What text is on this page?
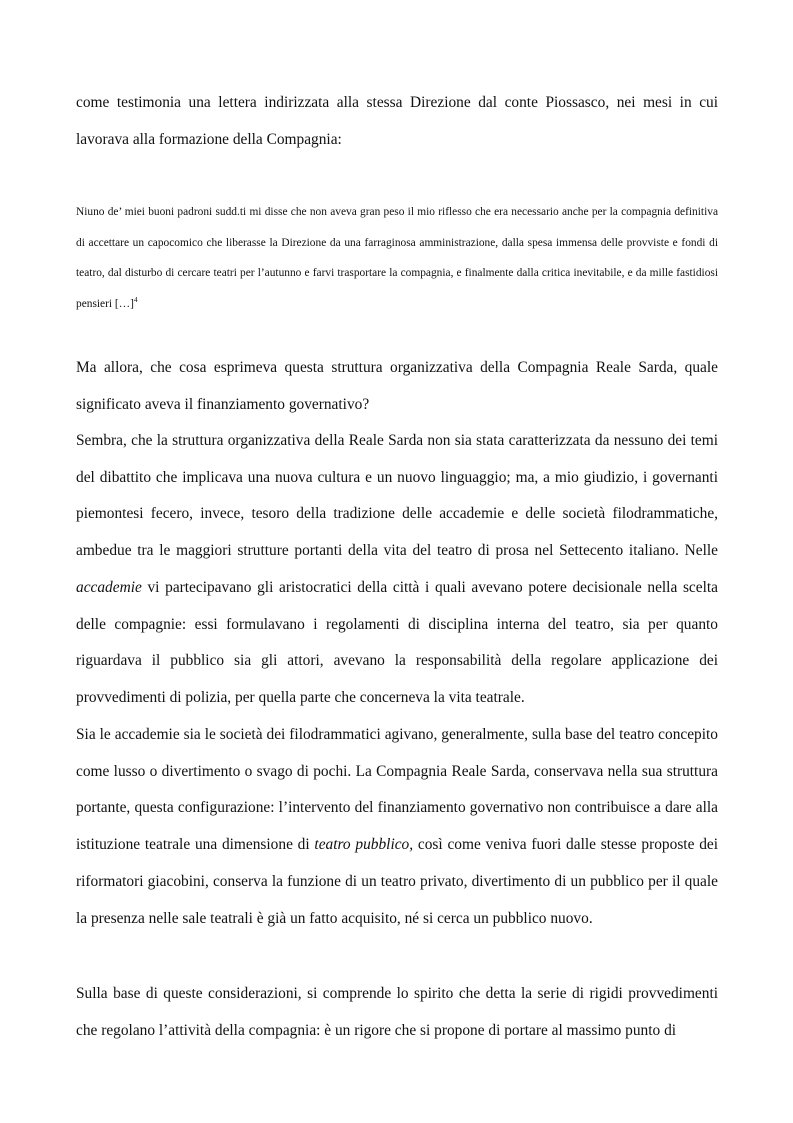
come testimonia una lettera indirizzata alla stessa Direzione dal conte Piossasco, nei mesi in cui lavorava alla formazione della Compagnia:

Niuno de’ miei buoni padroni sudd.ti mi disse che non aveva gran peso il mio riflesso che era necessario anche per la compagnia definitiva di accettare un capocomico che liberasse la Direzione da una farraginosa amministrazione, dalla spesa immensa delle provviste e fondi di teatro, dal disturbo di cercare teatri per l’autunno e farvi trasportare la compagnia, e finalmente dalla critica inevitabile, e da mille fastidiosi pensieri […]$^4$

Ma allora, che cosa esprimeva questa struttura organizzativa della Compagnia Reale Sarda, quale significato aveva il finanziamento governativo?

Sembra, che la struttura organizzativa della Reale Sarda non sia stata caratterizzata da nessuno dei temi del dibattito che implicava una nuova cultura e un nuovo linguaggio; ma, a mio giudizio, i governanti piemontesi fecero, invece, tesoro della tradizione delle accademie e delle società filodrammatiche, ambedue tra le maggiori strutture portanti della vita del teatro di prosa nel Settecento italiano. Nelle accademie vi partecipavano gli aristocratici della città i quali avevano potere decisionale nella scelta delle compagnie: essi formulavano i regolamenti di disciplina interna del teatro, sia per quanto riguardava il pubblico sia gli attori, avevano la responsabilità della regolare applicazione dei provvedimenti di polizia, per quella parte che concerneva la vita teatrale.

Sia le accademie sia le società dei filodrammatici agivano, generalmente, sulla base del teatro concepito come lusso o divertimento o svago di pochi. La Compagnia Reale Sarda, conservava nella sua struttura portante, questa configurazione: l’intervento del finanziamento governativo non contribuisce a dare alla istituzione teatrale una dimensione di teatro pubblico, così come veniva fuori dalle stesse proposte dei riformatori giacobini, conserva la funzione di un teatro privato, divertimento di un pubblico per il quale la presenza nelle sale teatrali è già un fatto acquisito, né si cerca un pubblico nuovo.

Sulla base di queste considerazioni, si comprende lo spirito che detta la serie di rigidi provvedimenti che regolano l’attività della compagnia: è un rigore che si propone di portare al massimo punto di
